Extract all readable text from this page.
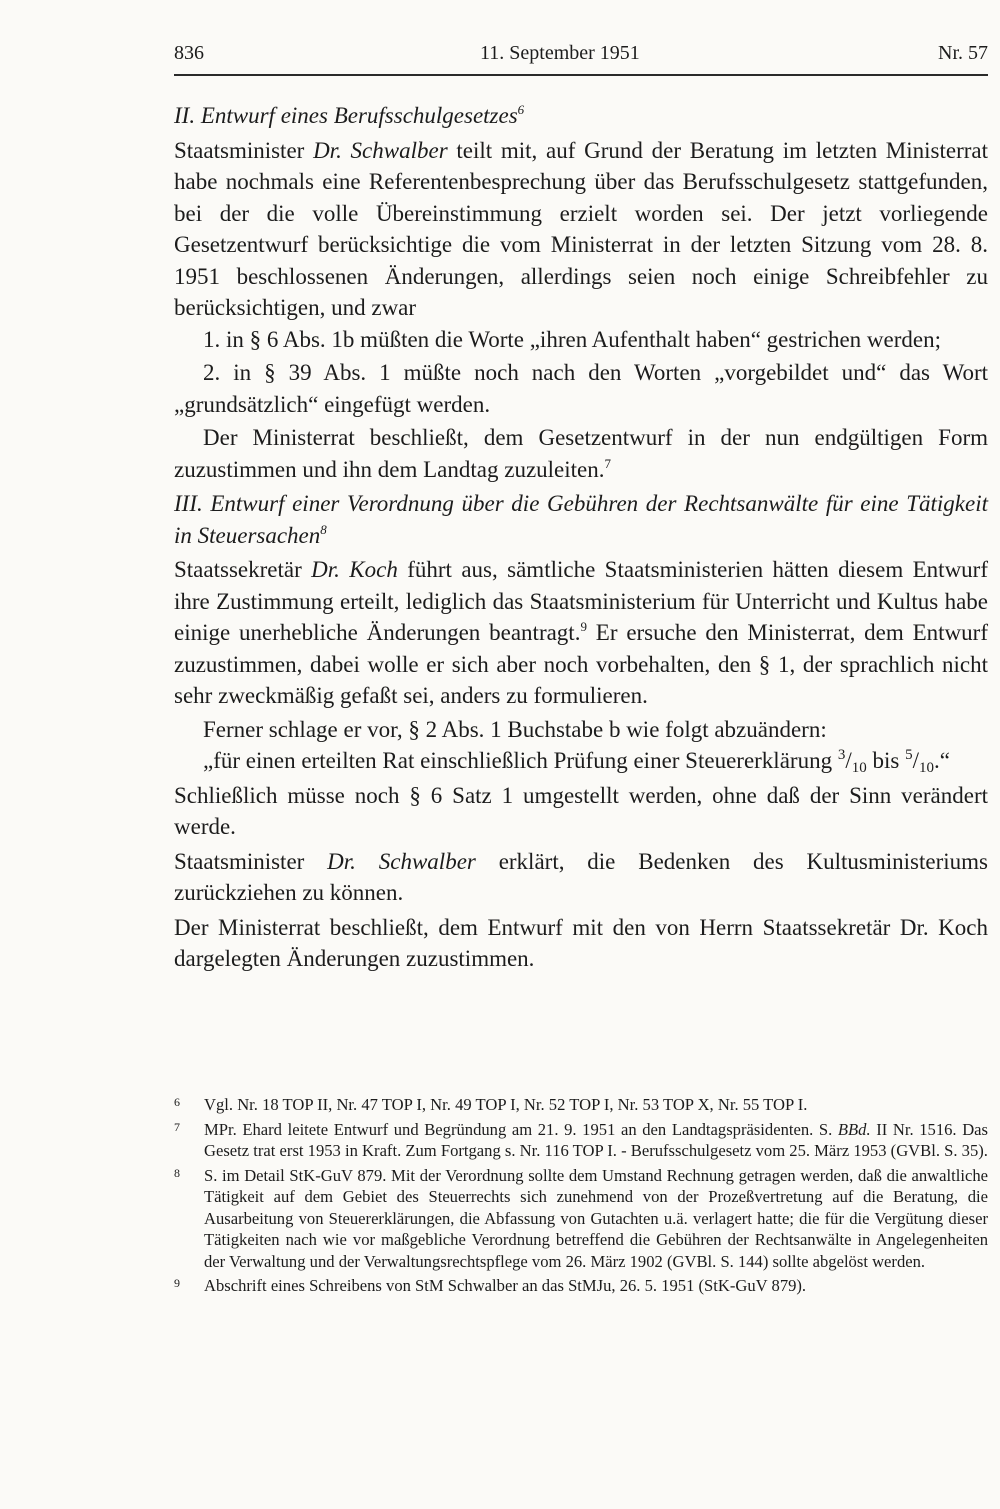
836	11. September 1951	Nr. 57

II. Entwurf eines Berufsschulgesetzes$^6$

Staatsminister Dr. Schwalber teilt mit, auf Grund der Beratung im letzten Ministerrat habe nochmals eine Referentenbesprechung über das Berufsschulgesetz stattgefunden, bei der die volle Übereinstimmung erzielt worden sei. Der jetzt vorliegende Gesetzentwurf berücksichtige die vom Ministerrat in der letzten Sitzung vom 28. 8. 1951 beschlossenen Änderungen, allerdings seien noch einige Schreibfehler zu berücksichtigen, und zwar

1. in § 6 Abs. 1b müßten die Worte „ihren Aufenthalt haben“ gestrichen werden;

2. in § 39 Abs. 1 müßte noch nach den Worten „vorgebildet und“ das Wort „grundsätzlich“ eingefügt werden.

Der Ministerrat beschließt, dem Gesetzentwurf in der nun endgültigen Form zuzustimmen und ihn dem Landtag zuzuleiten.$^7$

III. Entwurf einer Verordnung über die Gebühren der Rechtsanwälte für eine Tätigkeit in Steuersachen$^8$

Staatssekretär Dr. Koch führt aus, sämtliche Staatsministerien hätten diesem Entwurf ihre Zustimmung erteilt, lediglich das Staatsministerium für Unterricht und Kultus habe einige unerhebliche Änderungen beantragt.$^9$ Er ersuche den Ministerrat, dem Entwurf zuzustimmen, dabei wolle er sich aber noch vorbehalten, den § 1, der sprachlich nicht sehr zweckmäßig gefaßt sei, anders zu formulieren.

Ferner schlage er vor, § 2 Abs. 1 Buchstabe b wie folgt abzuändern:

„für einen erteilten Rat einschließlich Prüfung einer Steuererklärung $^3$/10 bis $^5$/10.“

Schließlich müsse noch § 6 Satz 1 umgestellt werden, ohne daß der Sinn verändert werde.

Staatsminister Dr. Schwalber erklärt, die Bedenken des Kultusministeriums zurückziehen zu können.

Der Ministerrat beschließt, dem Entwurf mit den von Herrn Staatssekretär Dr. Koch dargelegten Änderungen zuzustimmen.

6 Vgl. Nr. 18 TOP II, Nr. 47 TOP I, Nr. 49 TOP I, Nr. 52 TOP I, Nr. 53 TOP X, Nr. 55 TOP I.

7 MPr. Ehard leitete Entwurf und Begründung am 21. 9. 1951 an den Landtagspräsidenten. S. BBd. II Nr. 1516. Das Gesetz trat erst 1953 in Kraft. Zum Fortgang s. Nr. 116 TOP I. - Berufsschulgesetz vom 25. März 1953 (GVBl. S. 35).

8 S. im Detail StK-GuV 879. Mit der Verordnung sollte dem Umstand Rechnung getragen werden, daß die anwaltliche Tätigkeit auf dem Gebiet des Steuerrechts sich zunehmend von der Prozeßvertretung auf die Beratung, die Ausarbeitung von Steuererklärungen, die Abfassung von Gutachten u.ä. verlagert hatte; die für die Vergütung dieser Tätigkeiten nach wie vor maßgebliche Verordnung betreffend die Gebühren der Rechtsanwälte in Angelegenheiten der Verwaltung und der Verwaltungsrechtspflege vom 26. März 1902 (GVBl. S. 144) sollte abgelöst werden.

9 Abschrift eines Schreibens von StM Schwalber an das StMJu, 26. 5. 1951 (StK-GuV 879).
